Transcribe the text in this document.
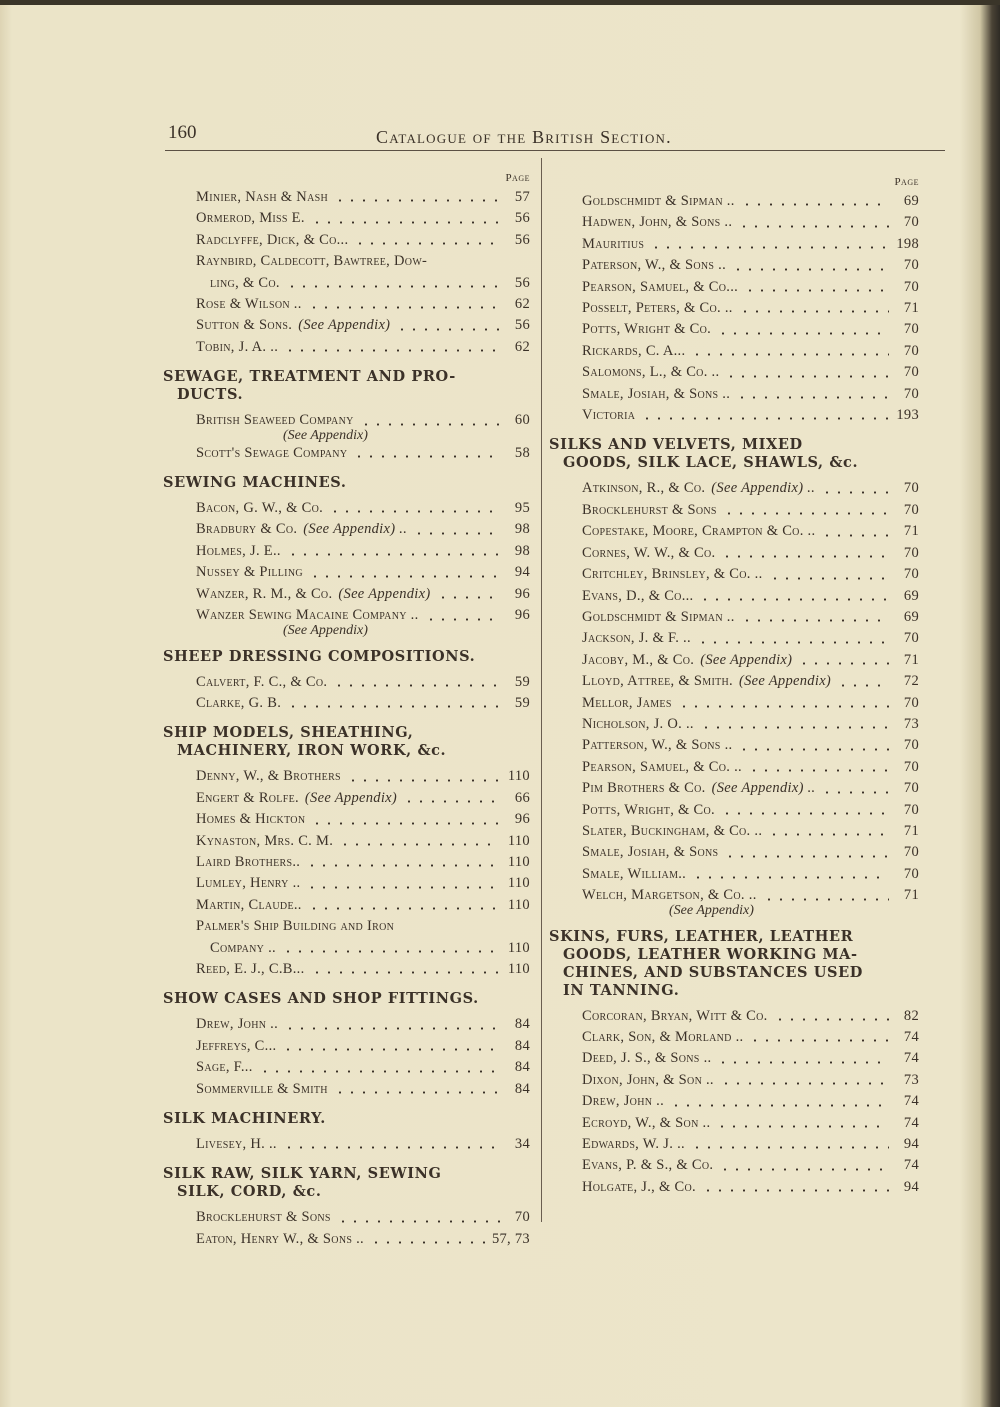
160	Catalogue of the British Section.
Page
Minier, Nash & Nash	57
Ormerod, Miss E.	56
Radclyffe, Dick, & Co...	56
Raynbird, Caldecott, Bawtree, Dow-
ling, & Co.	56
Rose & Wilson ..	62
Sutton & Sons. (See Appendix)	56
Tobin, J. A. ..	62
SEWAGE, TREATMENT AND PRO-
DUCTS.
British Seaweed Company	60
(See Appendix)
Scott's Sewage Company	58
SEWING MACHINES.
Bacon, G. W., & Co.	95
Bradbury & Co. (See Appendix) ..	98
Holmes, J. E..	98
Nussey & Pilling	94
Wanzer, R. M., & Co. (See Appendix)	96
Wanzer Sewing Macaine Company ..	96
(See Appendix)
SHEEP DRESSING COMPOSITIONS.
Calvert, F. C., & Co.	59
Clarke, G. B.	59
SHIP MODELS, SHEATHING,
MACHINERY, IRON WORK, &c.
Denny, W., & Brothers	110
Engert & Rolfe. (See Appendix)	66
Homes & Hickton	96
Kynaston, Mrs. C. M.	110
Laird Brothers..	110
Lumley, Henry ..	110
Martin, Claude..	110
Palmer's Ship Building and Iron
Company ..	110
Reed, E. J., C.B...	110
SHOW CASES AND SHOP FITTINGS.
Drew, John ..	84
Jeffreys, C...	84
Sage, F...	84
Sommerville & Smith	84
SILK MACHINERY.
Livesey, H. ..	34
SILK RAW, SILK YARN, SEWING
SILK, CORD, &c.
Brocklehurst & Sons	70
Eaton, Henry W., & Sons ..	57, 73
Page
Goldschmidt & Sipman ..	69
Hadwen, John, & Sons ..	70
Mauritius	198
Paterson, W., & Sons ..	70
Pearson, Samuel, & Co...	70
Posselt, Peters, & Co. ..	71
Potts, Wright & Co.	70
Rickards, C. A...	70
Salomons, L., & Co. ..	70
Smale, Josiah, & Sons ..	70
Victoria	193
SILKS AND VELVETS, MIXED
GOODS, SILK LACE, SHAWLS, &c.
Atkinson, R., & Co. (See Appendix) ..	70
Brocklehurst & Sons	70
Copestake, Moore, Crampton & Co. ..	71
Cornes, W. W., & Co.	70
Critchley, Brinsley, & Co. ..	70
Evans, D., & Co...	69
Goldschmidt & Sipman ..	69
Jackson, J. & F. ..	70
Jacoby, M., & Co. (See Appendix)	71
Lloyd, Attree, & Smith. (See Appendix)	72
Mellor, James	70
Nicholson, J. O. ..	73
Patterson, W., & Sons ..	70
Pearson, Samuel, & Co. ..	70
Pim Brothers & Co. (See Appendix) ..	70
Potts, Wright, & Co.	70
Slater, Buckingham, & Co. ..	71
Smale, Josiah, & Sons	70
Smale, William..	70
Welch, Margetson, & Co. ..	71
(See Appendix)
SKINS, FURS, LEATHER, LEATHER
GOODS, LEATHER WORKING MA-
CHINES, AND SUBSTANCES USED
IN TANNING.
Corcoran, Bryan, Witt & Co.	82
Clark, Son, & Morland ..	74
Deed, J. S., & Sons ..	74
Dixon, John, & Son ..	73
Drew, John ..	74
Ecroyd, W., & Son ..	74
Edwards, W. J. ..	94
Evans, P. & S., & Co.	74
Holgate, J., & Co.	94
